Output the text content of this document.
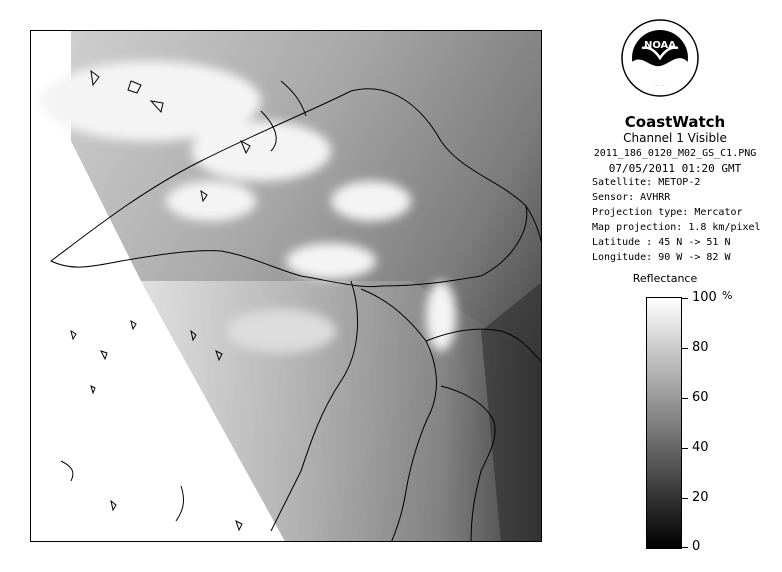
NOAA
CoastWatch
Channel 1 Visible
2011_186_0120_M02_GS_C1.PNG
07/05/2011 01:20 GMT
Satellite: METOP-2
Sensor: AVHRR
Projection type: Mercator
Map projection: 1.8 km/pixel
Latitude : 45 N -> 51 N
Longitude: 90 W -> 82 W
Reflectance
%
100
80
60
40
20
0
